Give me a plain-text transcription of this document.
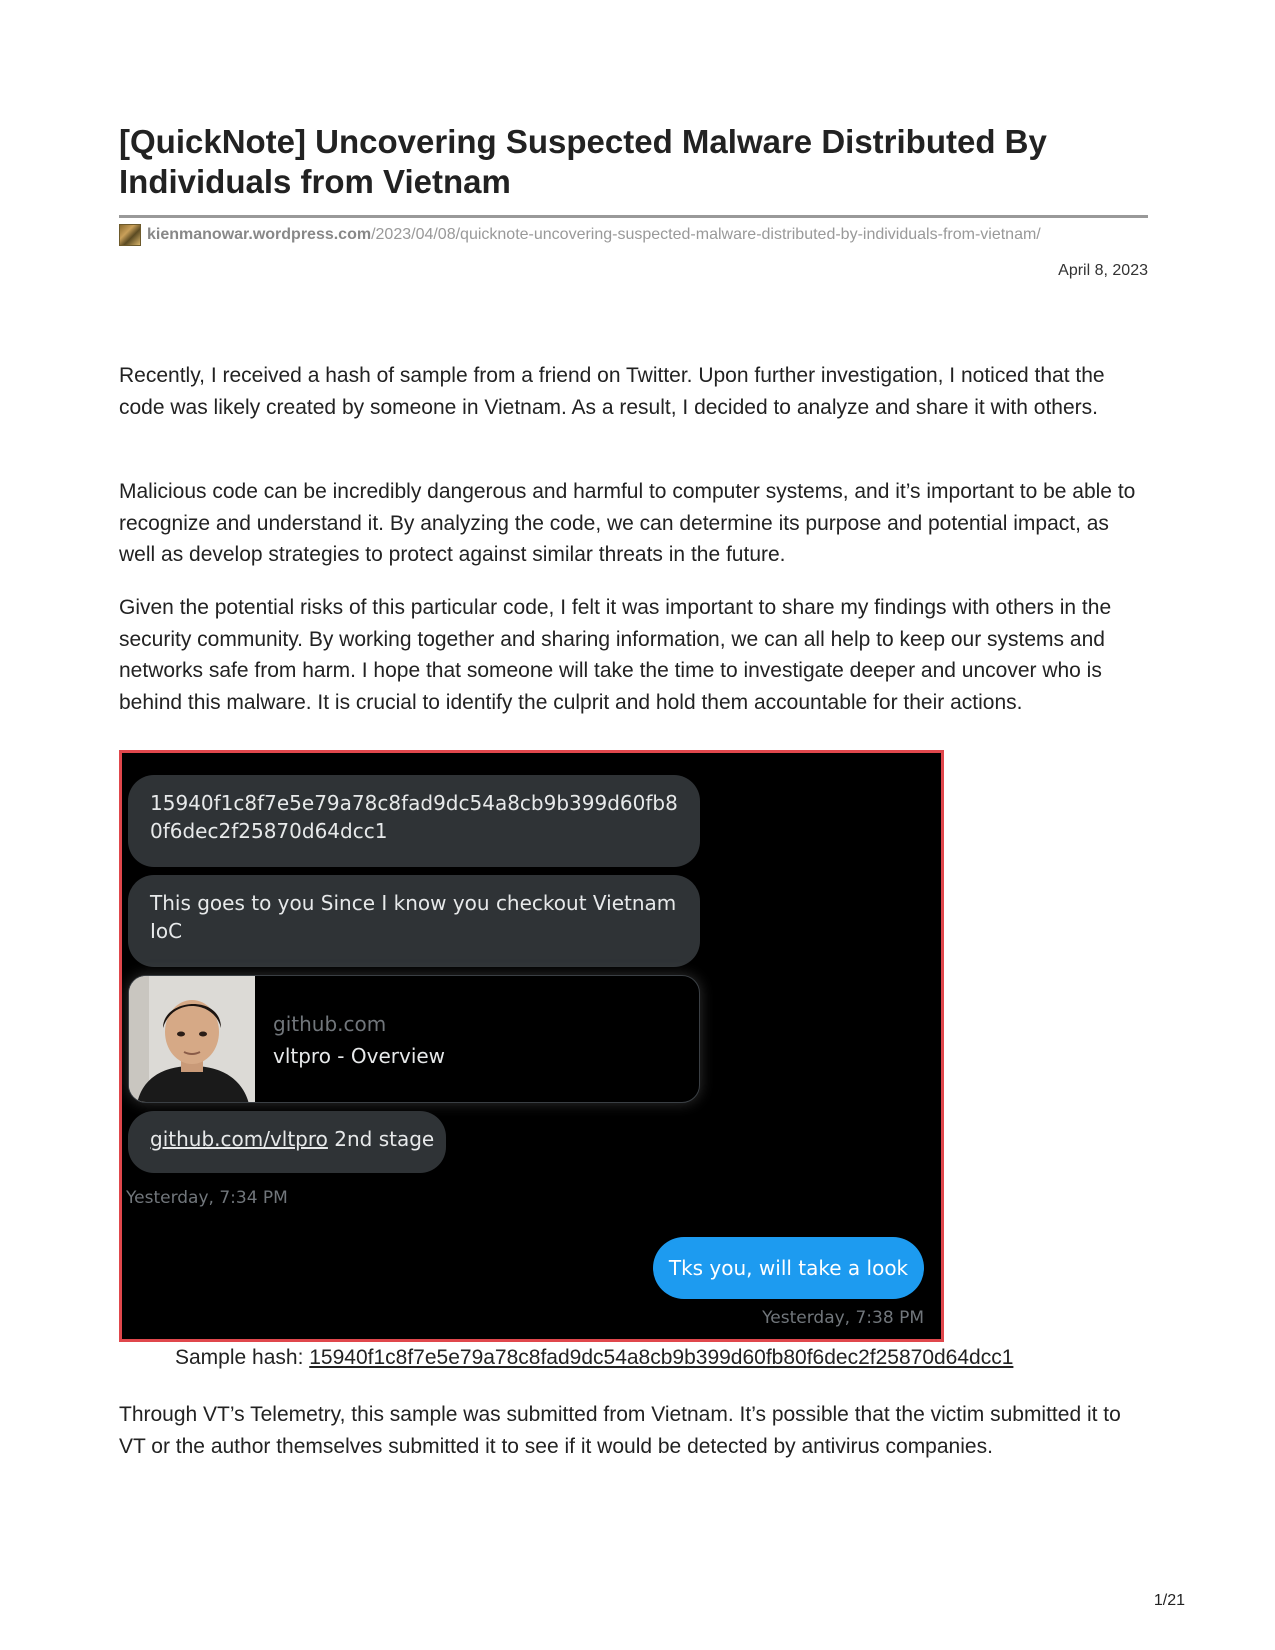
[QuickNote] Uncovering Suspected Malware Distributed By Individuals from Vietnam
kienmanowar.wordpress.com /2023/04/08/quicknote-uncovering-suspected-malware-distributed-by-individuals-from-vietnam/
April 8, 2023

Recently, I received a hash of sample from a friend on Twitter. Upon further investigation, I noticed that the code was likely created by someone in Vietnam. As a result, I decided to analyze and share it with others.

Malicious code can be incredibly dangerous and harmful to computer systems, and it’s important to be able to recognize and understand it. By analyzing the code, we can determine its purpose and potential impact, as well as develop strategies to protect against similar threats in the future.

Given the potential risks of this particular code, I felt it was important to share my findings with others in the security community. By working together and sharing information, we can all help to keep our systems and networks safe from harm. I hope that someone will take the time to investigate deeper and uncover who is behind this malware. It is crucial to identify the culprit and hold them accountable for their actions.

15940f1c8f7e5e79a78c8fad9dc54a8cb9b399d60fb8
0f6dec2f25870d64dcc1
This goes to you Since I know you checkout Vietnam IoC
github.com
vltpro - Overview
github.com/vltpro 2nd stage
Yesterday, 7:34 PM
Tks you, will take a look
Yesterday, 7:38 PM
Sample hash: 15940f1c8f7e5e79a78c8fad9dc54a8cb9b399d60fb80f6dec2f25870d64dcc1

Through VT’s Telemetry, this sample was submitted from Vietnam. It’s possible that the victim submitted it to VT or the author themselves submitted it to see if it would be detected by antivirus companies.

1/21
